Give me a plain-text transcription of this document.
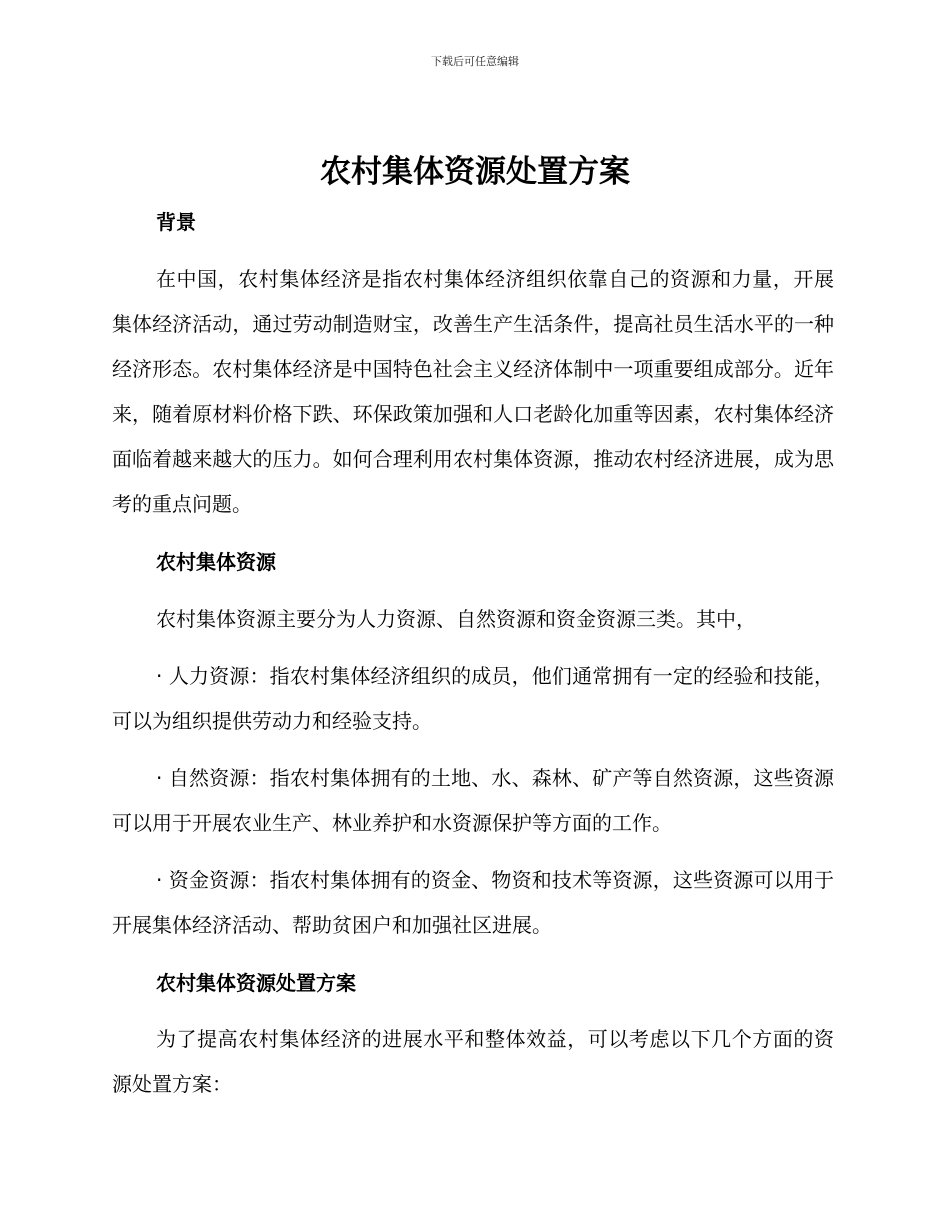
下载后可任意编辑
农村集体资源处置方案
背景

在中国，农村集体经济是指农村集体经济组织依靠自己的资源和力量，开展集体经济活动，通过劳动制造财宝，改善生产生活条件，提高社员生活水平的一种经济形态。农村集体经济是中国特色社会主义经济体制中一项重要组成部分。近年来，随着原材料价格下跌、环保政策加强和人口老龄化加重等因素，农村集体经济面临着越来越大的压力。如何合理利用农村集体资源，推动农村经济进展，成为思考的重点问题。

农村集体资源

农村集体资源主要分为人力资源、自然资源和资金资源三类。其中，

· 人力资源：指农村集体经济组织的成员，他们通常拥有一定的经验和技能，可以为组织提供劳动力和经验支持。

· 自然资源：指农村集体拥有的土地、水、森林、矿产等自然资源，这些资源可以用于开展农业生产、林业养护和水资源保护等方面的工作。

· 资金资源：指农村集体拥有的资金、物资和技术等资源，这些资源可以用于开展集体经济活动、帮助贫困户和加强社区进展。

农村集体资源处置方案

为了提高农村集体经济的进展水平和整体效益，可以考虑以下几个方面的资源处置方案：
